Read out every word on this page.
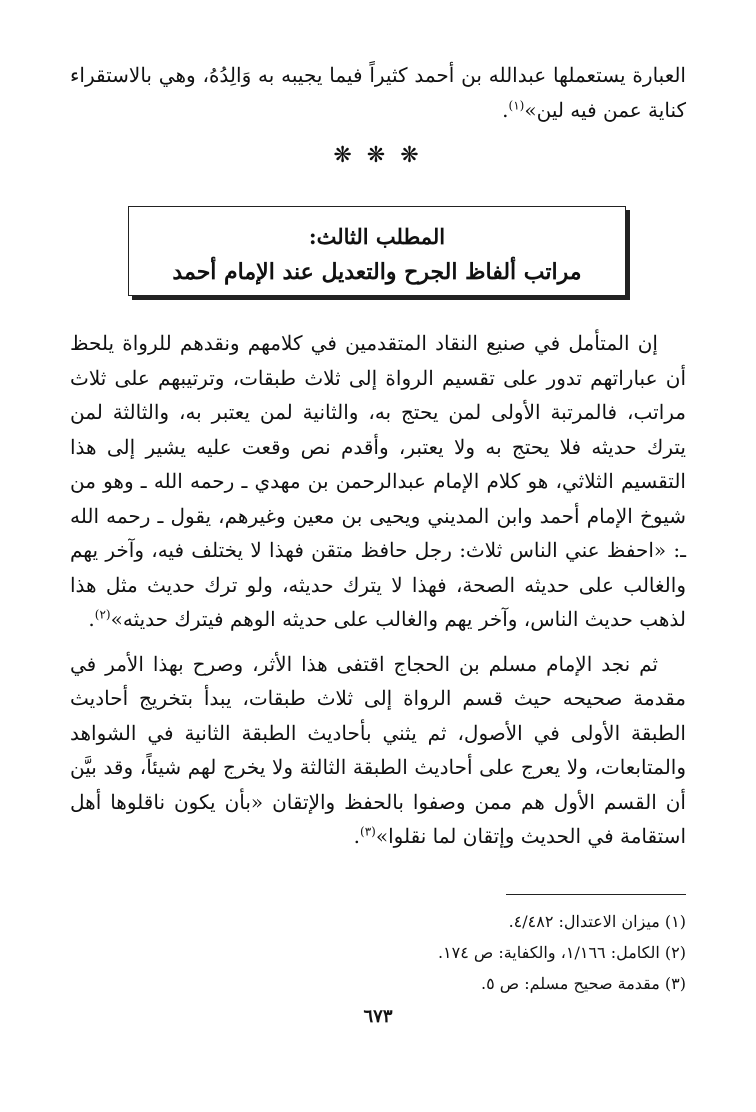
العبارة يستعملها عبدالله بن أحمد كثيراً فيما يجيبه به وَالِدُهُ، وهي بالاستقراء كناية عمن فيه لين»$^{(١)}$.

❋ ❋ ❋
المطلب الثالث:
مراتب ألفاظ الجرح والتعديل عند الإمام أحمد

إن المتأمل في صنيع النقاد المتقدمين في كلامهم ونقدهم للرواة يلحظ أن عباراتهم تدور على تقسيم الرواة إلى ثلاث طبقات، وترتيبهم على ثلاث مراتب، فالمرتبة الأولى لمن يحتج به، والثانية لمن يعتبر به، والثالثة لمن يترك حديثه فلا يحتج به ولا يعتبر، وأقدم نص وقعت عليه يشير إلى هذا التقسيم الثلاثي، هو كلام الإمام عبدالرحمن بن مهدي ـ رحمه الله ـ وهو من شيوخ الإمام أحمد وابن المديني ويحيى بن معين وغيرهم، يقول ـ رحمه الله ـ: «احفظ عني الناس ثلاث: رجل حافظ متقن فهذا لا يختلف فيه، وآخر يهم والغالب على حديثه الصحة، فهذا لا يترك حديثه، ولو ترك حديث مثل هذا لذهب حديث الناس، وآخر يهم والغالب على حديثه الوهم فيترك حديثه»$^{(٢)}$.

ثم نجد الإمام مسلم بن الحجاج اقتفى هذا الأثر، وصرح بهذا الأمر في مقدمة صحيحه حيث قسم الرواة إلى ثلاث طبقات، يبدأ بتخريج أحاديث الطبقة الأولى في الأصول، ثم يثني بأحاديث الطبقة الثانية في الشواهد والمتابعات، ولا يعرج على أحاديث الطبقة الثالثة ولا يخرج لهم شيئاً، وقد بيَّن أن القسم الأول هم ممن وصفوا بالحفظ والإتقان «بأن يكون ناقلوها أهل استقامة في الحديث وإتقان لما نقلوا»$^{(٣)}$.

(١) ميزان الاعتدال: ٤/٤٨٢.
(٢) الكامل: ١/١٦٦، والكفاية: ص ١٧٤.
(٣) مقدمة صحيح مسلم: ص ٥.
٦٧٣
